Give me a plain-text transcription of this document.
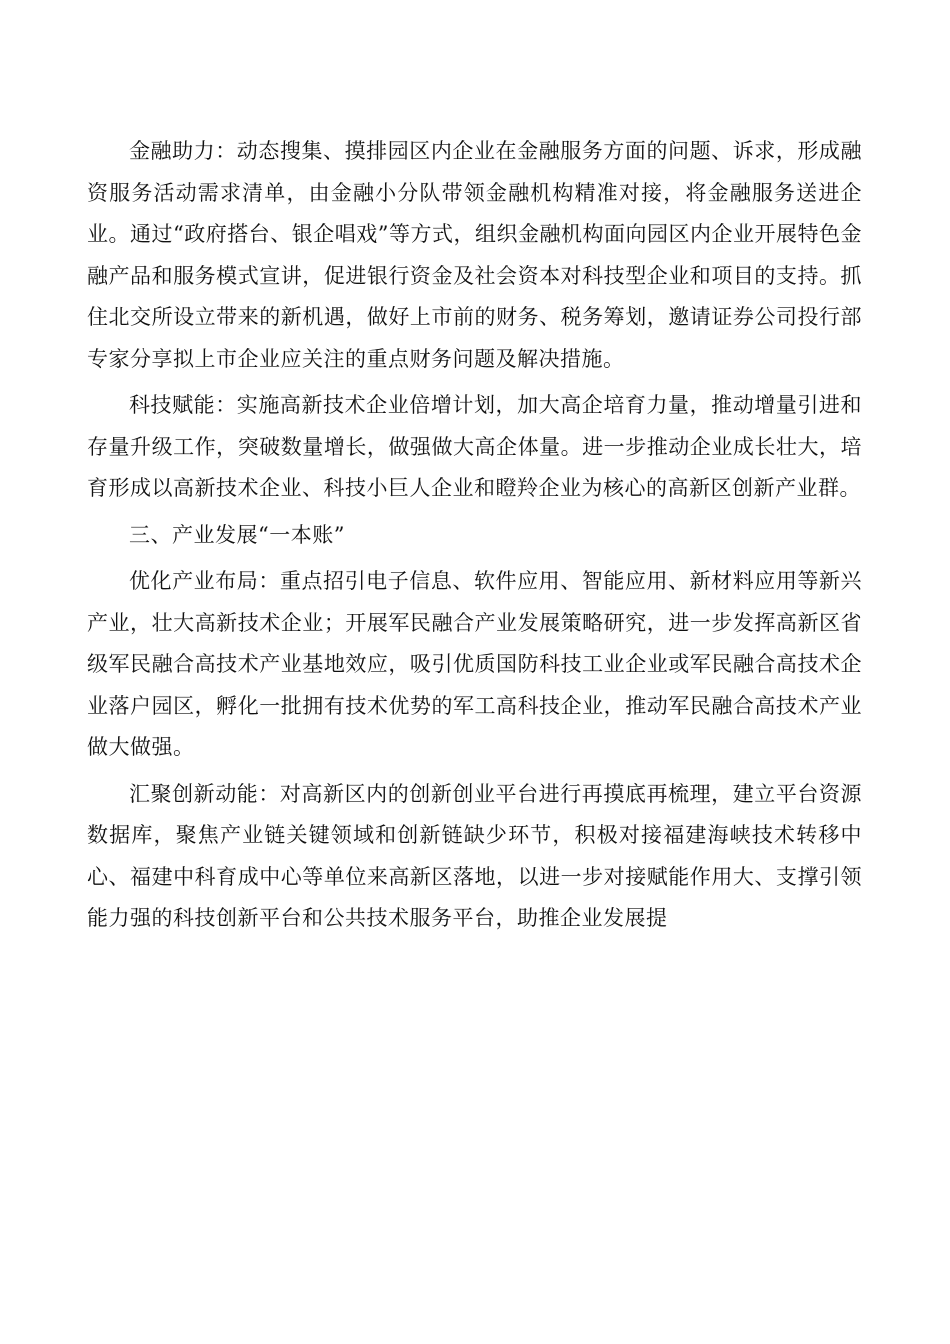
金融助力：动态搜集、摸排园区内企业在金融服务方面的问题、诉求，形成融资服务活动需求清单，由金融小分队带领金融机构精准对接，将金融服务送进企业。通过“政府搭台、银企唱戏”等方式，组织金融机构面向园区内企业开展特色金融产品和服务模式宣讲，促进银行资金及社会资本对科技型企业和项目的支持。抓住北交所设立带来的新机遇，做好上市前的财务、税务筹划，邀请证券公司投行部专家分享拟上市企业应关注的重点财务问题及解决措施。

科技赋能：实施高新技术企业倍增计划，加大高企培育力量，推动增量引进和存量升级工作，突破数量增长，做强做大高企体量。进一步推动企业成长壮大，培育形成以高新技术企业、科技小巨人企业和瞪羚企业为核心的高新区创新产业群。

三、产业发展“一本账”

优化产业布局：重点招引电子信息、软件应用、智能应用、新材料应用等新兴产业，壮大高新技术企业；开展军民融合产业发展策略研究，进一步发挥高新区省级军民融合高技术产业基地效应，吸引优质国防科技工业企业或军民融合高技术企业落户园区，孵化一批拥有技术优势的军工高科技企业，推动军民融合高技术产业做大做强。

汇聚创新动能：对高新区内的创新创业平台进行再摸底再梳理，建立平台资源数据库，聚焦产业链关键领域和创新链缺少环节，积极对接福建海峡技术转移中心、福建中科育成中心等单位来高新区落地，以进一步对接赋能作用大、支撑引领能力强的科技创新平台和公共技术服务平台，助推企业发展提
